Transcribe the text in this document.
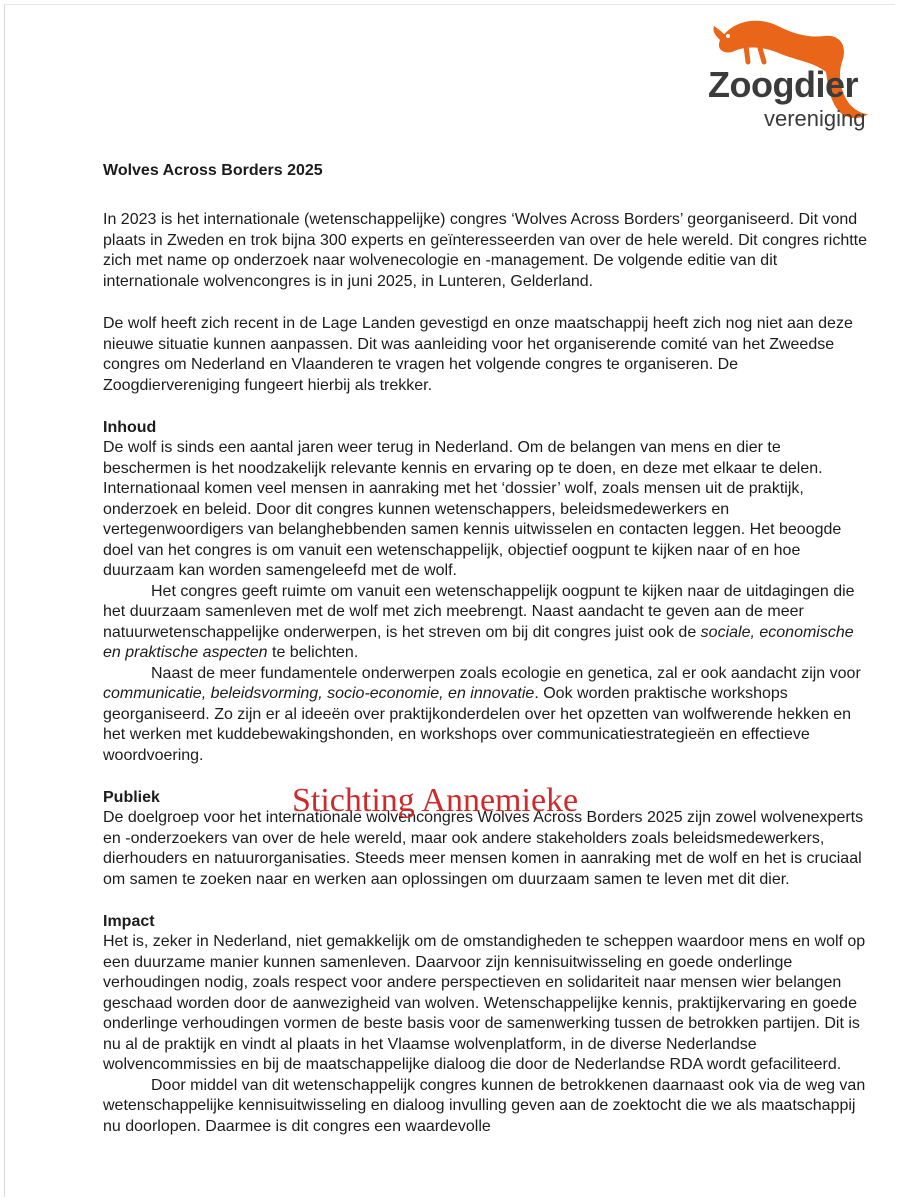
Zoogdier
vereniging

Wolves Across Borders 2025

In 2023 is het internationale (wetenschappelijke) congres ‘Wolves Across Borders’ georganiseerd. Dit vond plaats in Zweden en trok bijna 300 experts en geïnteresseerden van over de hele wereld. Dit congres richtte zich met name op onderzoek naar wolvenecologie en -management. De volgende editie van dit internationale wolvencongres is in juni 2025, in Lunteren, Gelderland.

De wolf heeft zich recent in de Lage Landen gevestigd en onze maatschappij heeft zich nog niet aan deze nieuwe situatie kunnen aanpassen. Dit was aanleiding voor het organiserende comité van het Zweedse congres om Nederland en Vlaanderen te vragen het volgende congres te organiseren. De Zoogdiervereniging fungeert hierbij als trekker.

Inhoud

De wolf is sinds een aantal jaren weer terug in Nederland. Om de belangen van mens en dier te beschermen is het noodzakelijk relevante kennis en ervaring op te doen, en deze met elkaar te delen. Internationaal komen veel mensen in aanraking met het ‘dossier’ wolf, zoals mensen uit de praktijk, onderzoek en beleid. Door dit congres kunnen wetenschappers, beleidsmedewerkers en vertegenwoordigers van belanghebbenden samen kennis uitwisselen en contacten leggen. Het beoogde doel van het congres is om vanuit een wetenschappelijk, objectief oogpunt te kijken naar of en hoe duurzaam kan worden samengeleefd met de wolf.

Het congres geeft ruimte om vanuit een wetenschappelijk oogpunt te kijken naar de uitdagingen die het duurzaam samenleven met de wolf met zich meebrengt. Naast aandacht te geven aan de meer natuurwetenschappelijke onderwerpen, is het streven om bij dit congres juist ook de sociale, economische en praktische aspecten te belichten.

Naast de meer fundamentele onderwerpen zoals ecologie en genetica, zal er ook aandacht zijn voor communicatie, beleidsvorming, socio-economie, en innovatie. Ook worden praktische workshops georganiseerd. Zo zijn er al ideeën over praktijkonderdelen over het opzetten van wolfwerende hekken en het werken met kuddebewakingshonden, en workshops over communicatiestrategieën en effectieve woordvoering.

Publiek

De doelgroep voor het internationale wolvencongres Wolves Across Borders 2025 zijn zowel wolvenexperts en -onderzoekers van over de hele wereld, maar ook andere stakeholders zoals beleidsmedewerkers, dierhouders en natuurorganisaties. Steeds meer mensen komen in aanraking met de wolf en het is cruciaal om samen te zoeken naar en werken aan oplossingen om duurzaam samen te leven met dit dier.

Impact

Het is, zeker in Nederland, niet gemakkelijk om de omstandigheden te scheppen waardoor mens en wolf op een duurzame manier kunnen samenleven. Daarvoor zijn kennisuitwisseling en goede onderlinge verhoudingen nodig, zoals respect voor andere perspectieven en solidariteit naar mensen wier belangen geschaad worden door de aanwezigheid van wolven. Wetenschappelijke kennis, praktijkervaring en goede onderlinge verhoudingen vormen de beste basis voor de samenwerking tussen de betrokken partijen. Dit is nu al de praktijk en vindt al plaats in het Vlaamse wolvenplatform, in de diverse Nederlandse wolvencommissies en bij de maatschappelijke dialoog die door de Nederlandse RDA wordt gefaciliteerd.

Door middel van dit wetenschappelijk congres kunnen de betrokkenen daarnaast ook via de weg van wetenschappelijke kennisuitwisseling en dialoog invulling geven aan de zoektocht die we als maatschappij nu doorlopen. Daarmee is dit congres een waardevolle

Stichting Annemieke
